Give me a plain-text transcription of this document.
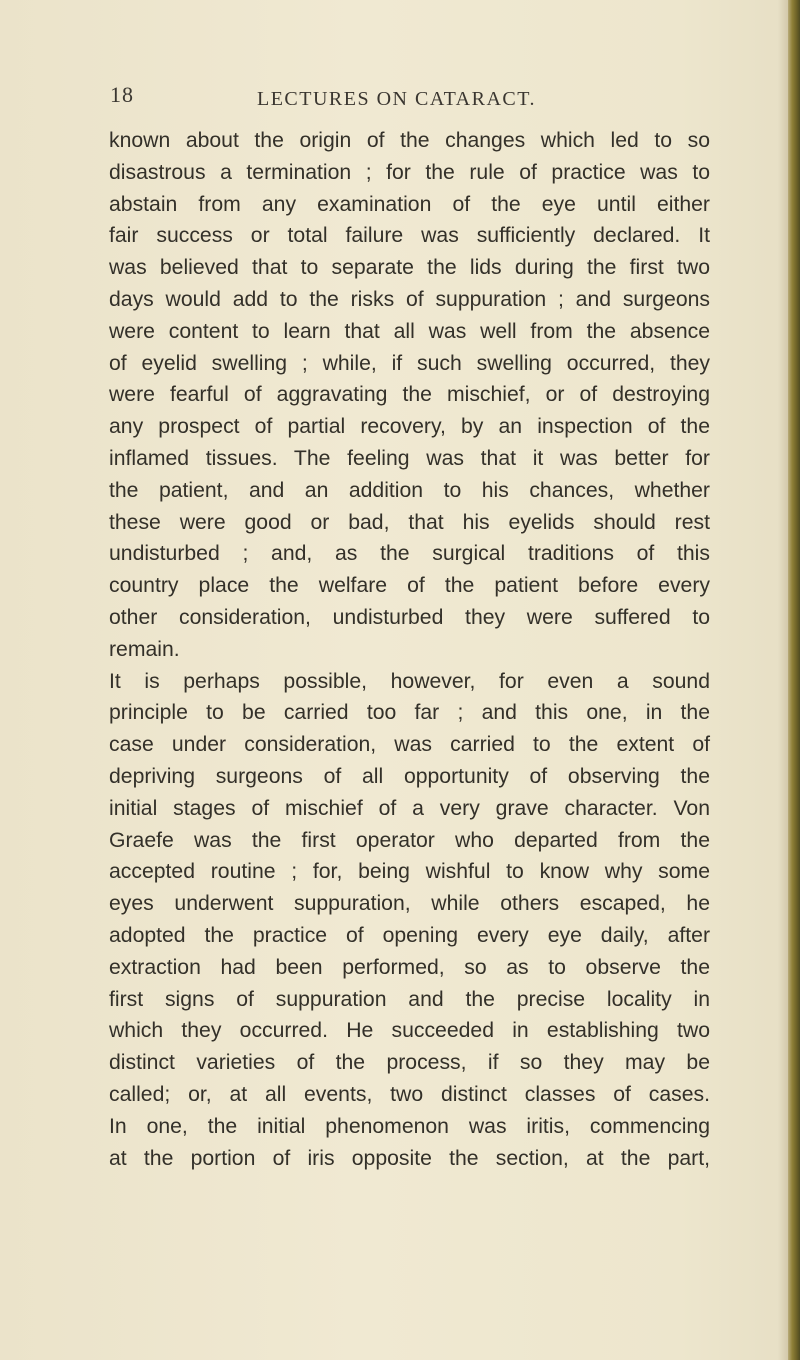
18	LECTURES ON CATARACT.
known about the origin of the changes which led to so
disastrous a termination ; for the rule of practice was to
abstain from any examination of the eye until either
fair success or total failure was sufficiently declared. It
was believed that to separate the lids during the first two
days would add to the risks of suppuration ; and surgeons
were content to learn that all was well from the absence
of eyelid swelling ; while, if such swelling occurred, they
were fearful of aggravating the mischief, or of destroying
any prospect of partial recovery, by an inspection of the
inflamed tissues. The feeling was that it was better for
the patient, and an addition to his chances, whether
these were good or bad, that his eyelids should rest
undisturbed ; and, as the surgical traditions of this
country place the welfare of the patient before every
other consideration, undisturbed they were suffered to
remain.
It is perhaps possible, however, for even a sound
principle to be carried too far ; and this one, in the
case under consideration, was carried to the extent of
depriving surgeons of all opportunity of observing the
initial stages of mischief of a very grave character. Von
Graefe was the first operator who departed from the
accepted routine ; for, being wishful to know why some
eyes underwent suppuration, while others escaped, he
adopted the practice of opening every eye daily, after
extraction had been performed, so as to observe the
first signs of suppuration and the precise locality in
which they occurred. He succeeded in establishing two
distinct varieties of the process, if so they may be
called; or, at all events, two distinct classes of cases.
In one, the initial phenomenon was iritis, commencing
at the portion of iris opposite the section, at the part,
